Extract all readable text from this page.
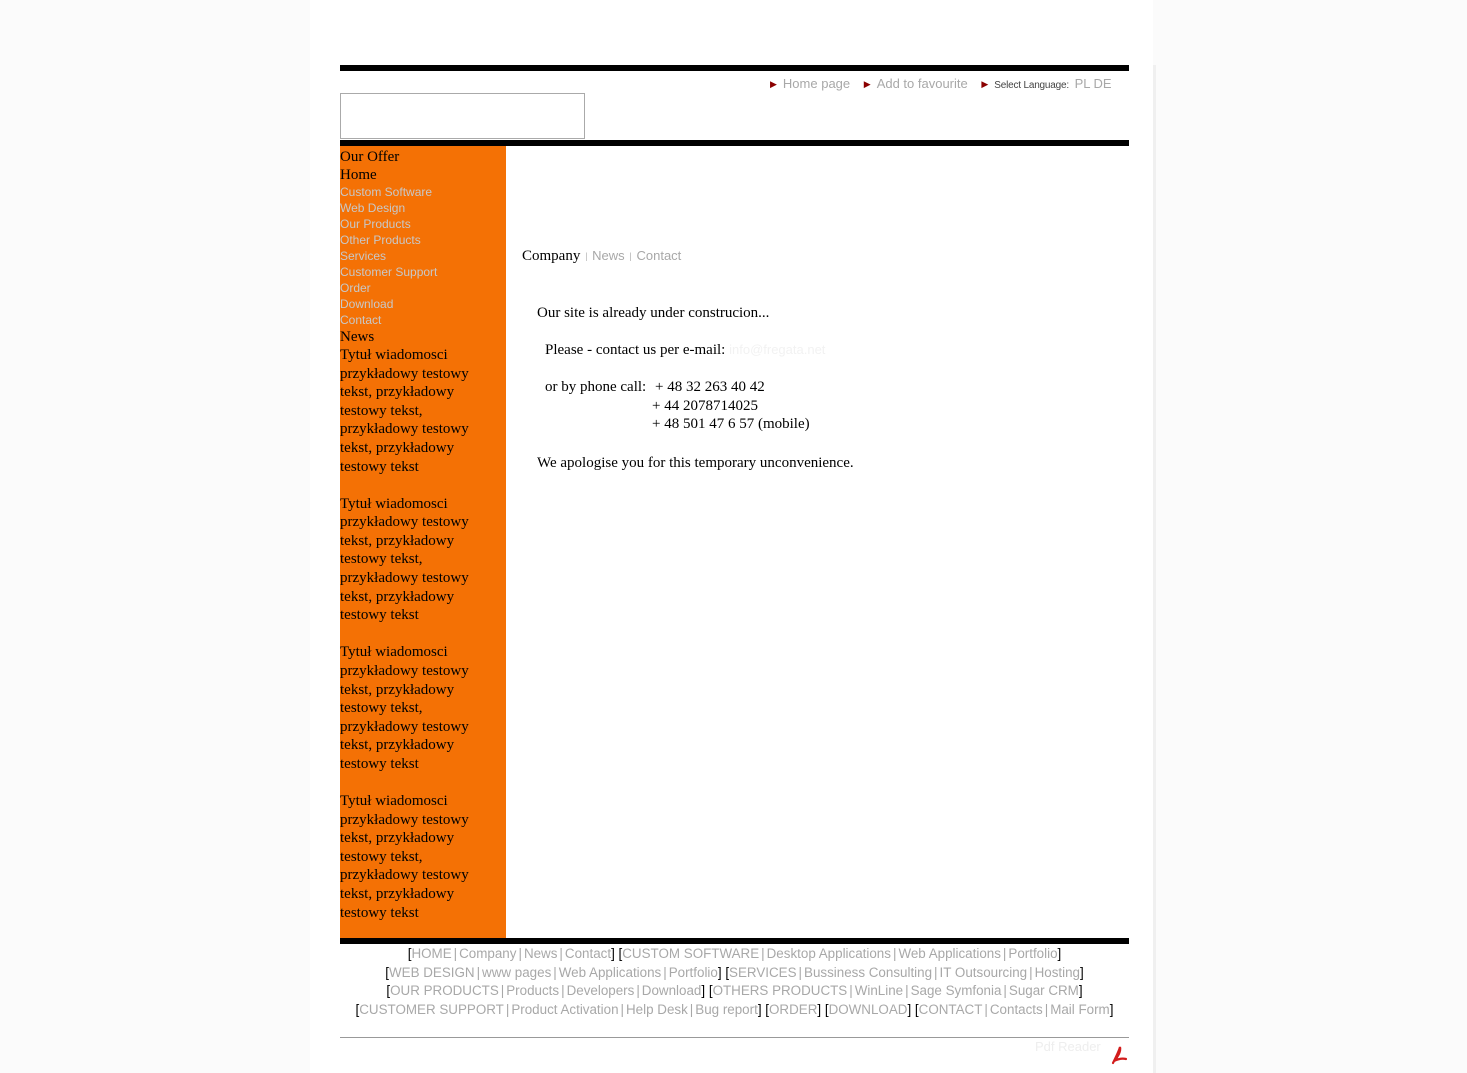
▶ Home page ▶ Add to favourite ▶ Select Language: PL DE
Our Offer
Home
Custom Software
Web Design
Our Products
Other Products
Services
Customer Support
Order
Download
Contact
News
Tytuł wiadomosci przykładowy testowy tekst, przykładowy testowy tekst, przykładowy testowy tekst, przykładowy testowy tekst
Tytuł wiadomosci przykładowy testowy tekst, przykładowy testowy tekst, przykładowy testowy tekst, przykładowy testowy tekst
Tytuł wiadomosci przykładowy testowy tekst, przykładowy testowy tekst, przykładowy testowy tekst, przykładowy testowy tekst
Tytuł wiadomosci przykładowy testowy tekst, przykładowy testowy tekst, przykładowy testowy tekst, przykładowy testowy tekst
Company | News | Contact

Our site is already under construcion...

Please - contact us per e-mail: info@fregata.net

or by phone call: + 48 32 263 40 42
+ 44 2078714025
+ 48 501 47 6 57 (mobile)

We apologise you for this temporary unconvenience.

[HOME | Company | News | Contact] [CUSTOM SOFTWARE | Desktop Applications | Web Applications | Portfolio]
[WEB DESIGN | www pages | Web Applications | Portfolio] [SERVICES | Bussiness Consulting | IT Outsourcing | Hosting]
[OUR PRODUCTS | Products | Developers | Download] [OTHERS PRODUCTS | WinLine | Sage Symfonia | Sugar CRM]
[CUSTOMER SUPPORT | Product Activation | Help Desk | Bug report] [ORDER] [DOWNLOAD] [CONTACT | Contacts | Mail Form]
Pdf Reader
